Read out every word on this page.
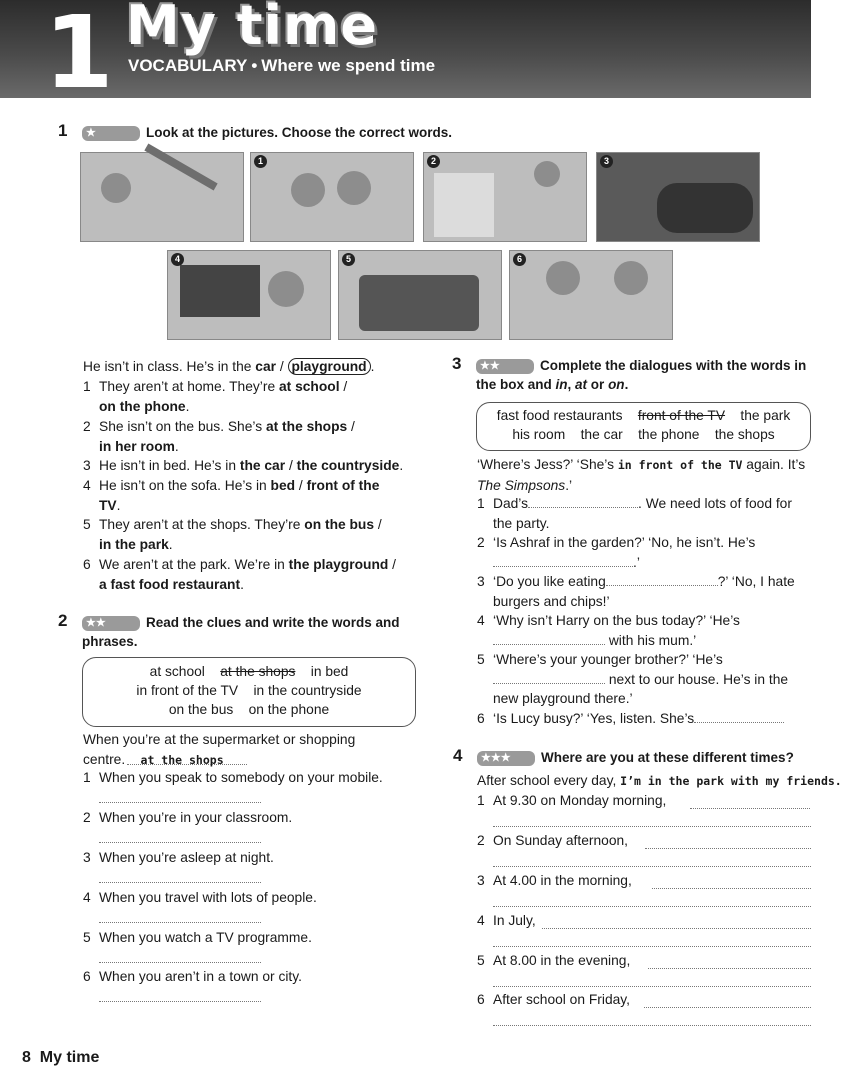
1 My time
VOCABULARY • Where we spend time
1	★	Look at the pictures. Choose the correct words.
1	2	3
4	5	6
He isn’t in class. He’s in the car / playground .
1 They aren’t at home. They’re at school /
on the phone.
2 She isn’t on the bus. She’s at the shops /
in her room.
3 He isn’t in bed. He’s in the car / the countryside.
4 He isn’t on the sofa. He’s in bed / front of the
TV.
5 They aren’t at the shops. They’re on the bus /
in the park.
6 We aren’t at the park. We’re in the playground /
a fast food restaurant.
2	★★	Read the clues and write the words and
phrases.
at school at the shops in bed
in front of the TV in the countryside
on the bus on the phone
When you’re at the supermarket or shopping
centre. at the shops
1 When you speak to somebody on your mobile.
2 When you’re in your classroom.
3 When you’re asleep at night.
4 When you travel with lots of people.
5 When you watch a TV programme.
6 When you aren’t in a town or city.
3	★★	Complete the dialogues with the words in
the box and in, at or on.
fast food restaurants front of the TV the park
his room the car the phone the shops
‘Where’s Jess?’ ‘She’s in front of the TV again. It’s
The Simpsons.’
1 Dad’s	. We need lots of food for
the party.
2 ‘Is Ashraf in the garden?’ ‘No, he isn’t. He’s
.’
3 ‘Do you like eating	?’ ‘No, I hate
burgers and chips!’
4 ‘Why isn’t Harry on the bus today?’ ‘He’s
with his mum.’
5 ‘Where’s your younger brother?’ ‘He’s
next to our house. He’s in the
new playground there.’
6 ‘Is Lucy busy?’ ‘Yes, listen. She’s
4	★★★ Where are you at these different times?
After school every day, I’m in the park with my friends.
1 At 9.30 on Monday morning,
2 On Sunday afternoon,
3 At 4.00 in the morning,
4 In July,
5 At 8.00 in the evening,
6 After school on Friday,
8 My time
